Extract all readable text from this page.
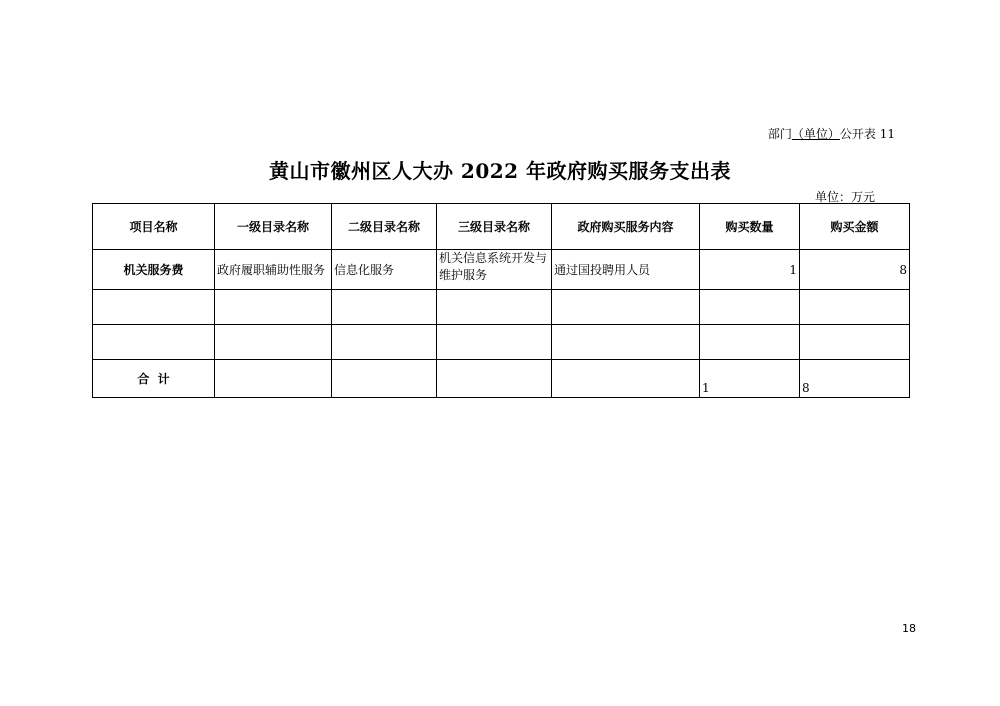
部门（单位）公开表 11
黄山市徽州区人大办 2022 年政府购买服务支出表
单位：万元
项目名称	一级目录名称	二级目录名称	三级目录名称	政府购买服务内容	购买数量	购买金额
机关服务费	政府履职辅助性服务	信息化服务	机关信息系统开发与维护服务	通过国投聘用人员	1	8

合  计					1	8
18
